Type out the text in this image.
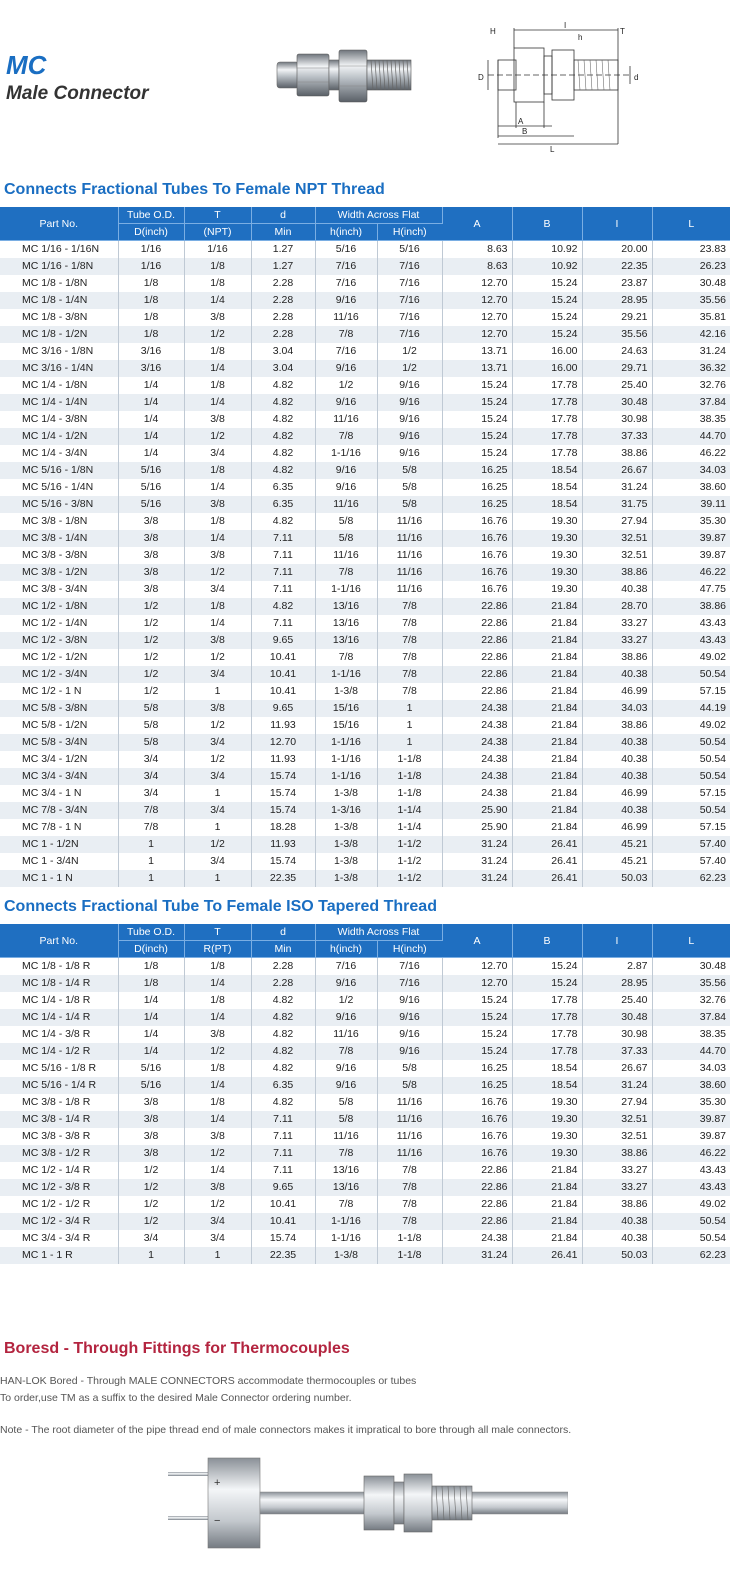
MC
Male Connector
H
I
h
T
D	d
A
B
L
Connects Fractional Tubes To Female NPT Thread
Part No.	Tube O.D.	T	d	Width Across Flat		A	B	I	L
	D(inch)	(NPT)	Min	h(inch)	H(inch)				
MC 1/16 - 1/16N	1/16	1/16	1.27	5/16	5/16	8.63	10.92	20.00	23.83
MC 1/16 - 1/8N	1/16	1/8	1.27	7/16	7/16	8.63	10.92	22.35	26.23
MC 1/8 - 1/8N	1/8	1/8	2.28	7/16	7/16	12.70	15.24	23.87	30.48
MC 1/8 - 1/4N	1/8	1/4	2.28	9/16	7/16	12.70	15.24	28.95	35.56
MC 1/8 - 3/8N	1/8	3/8	2.28	11/16	7/16	12.70	15.24	29.21	35.81
MC 1/8 - 1/2N	1/8	1/2	2.28	7/8	7/16	12.70	15.24	35.56	42.16
MC 3/16 - 1/8N	3/16	1/8	3.04	7/16	1/2	13.71	16.00	24.63	31.24
MC 3/16 - 1/4N	3/16	1/4	3.04	9/16	1/2	13.71	16.00	29.71	36.32
MC 1/4 - 1/8N	1/4	1/8	4.82	1/2	9/16	15.24	17.78	25.40	32.76
MC 1/4 - 1/4N	1/4	1/4	4.82	9/16	9/16	15.24	17.78	30.48	37.84
MC 1/4 - 3/8N	1/4	3/8	4.82	11/16	9/16	15.24	17.78	30.98	38.35
MC 1/4 - 1/2N	1/4	1/2	4.82	7/8	9/16	15.24	17.78	37.33	44.70
MC 1/4 - 3/4N	1/4	3/4	4.82	1-1/16	9/16	15.24	17.78	38.86	46.22
MC 5/16 - 1/8N	5/16	1/8	4.82	9/16	5/8	16.25	18.54	26.67	34.03
MC 5/16 - 1/4N	5/16	1/4	6.35	9/16	5/8	16.25	18.54	31.24	38.60
MC 5/16 - 3/8N	5/16	3/8	6.35	11/16	5/8	16.25	18.54	31.75	39.11
MC 3/8 - 1/8N	3/8	1/8	4.82	5/8	11/16	16.76	19.30	27.94	35.30
MC 3/8 - 1/4N	3/8	1/4	7.11	5/8	11/16	16.76	19.30	32.51	39.87
MC 3/8 - 3/8N	3/8	3/8	7.11	11/16	11/16	16.76	19.30	32.51	39.87
MC 3/8 - 1/2N	3/8	1/2	7.11	7/8	11/16	16.76	19.30	38.86	46.22
MC 3/8 - 3/4N	3/8	3/4	7.11	1-1/16	11/16	16.76	19.30	40.38	47.75
MC 1/2 - 1/8N	1/2	1/8	4.82	13/16	7/8	22.86	21.84	28.70	38.86
MC 1/2 - 1/4N	1/2	1/4	7.11	13/16	7/8	22.86	21.84	33.27	43.43
MC 1/2 - 3/8N	1/2	3/8	9.65	13/16	7/8	22.86	21.84	33.27	43.43
MC 1/2 - 1/2N	1/2	1/2	10.41	7/8	7/8	22.86	21.84	38.86	49.02
MC 1/2 - 3/4N	1/2	3/4	10.41	1-1/16	7/8	22.86	21.84	40.38	50.54
MC 1/2 - 1 N	1/2	1	10.41	1-3/8	7/8	22.86	21.84	46.99	57.15
MC 5/8 - 3/8N	5/8	3/8	9.65	15/16	1	24.38	21.84	34.03	44.19
MC 5/8 - 1/2N	5/8	1/2	11.93	15/16	1	24.38	21.84	38.86	49.02
MC 5/8 - 3/4N	5/8	3/4	12.70	1-1/16	1	24.38	21.84	40.38	50.54
MC 3/4 - 1/2N	3/4	1/2	11.93	1-1/16	1-1/8	24.38	21.84	40.38	50.54
MC 3/4 - 3/4N	3/4	3/4	15.74	1-1/16	1-1/8	24.38	21.84	40.38	50.54
MC 3/4 - 1 N	3/4	1	15.74	1-3/8	1-1/8	24.38	21.84	46.99	57.15
MC 7/8 - 3/4N	7/8	3/4	15.74	1-3/16	1-1/4	25.90	21.84	40.38	50.54
MC 7/8 - 1 N	7/8	1	18.28	1-3/8	1-1/4	25.90	21.84	46.99	57.15
MC 1 - 1/2N	1	1/2	11.93	1-3/8	1-1/2	31.24	26.41	45.21	57.40
MC 1 - 3/4N	1	3/4	15.74	1-3/8	1-1/2	31.24	26.41	45.21	57.40
MC 1 - 1 N	1	1	22.35	1-3/8	1-1/2	31.24	26.41	50.03	62.23
Connects Fractional Tube To Female ISO Tapered Thread
Part No.	Tube O.D.	T	d	Width Across Flat		A	B	I	L
	D(inch)	R(PT)	Min	h(inch)	H(inch)				
MC 1/8 - 1/8 R	1/8	1/8	2.28	7/16	7/16	12.70	15.24	2.87	30.48
MC 1/8 - 1/4 R	1/8	1/4	2.28	9/16	7/16	12.70	15.24	28.95	35.56
MC 1/4 - 1/8 R	1/4	1/8	4.82	1/2	9/16	15.24	17.78	25.40	32.76
MC 1/4 - 1/4 R	1/4	1/4	4.82	9/16	9/16	15.24	17.78	30.48	37.84
MC 1/4 - 3/8 R	1/4	3/8	4.82	11/16	9/16	15.24	17.78	30.98	38.35
MC 1/4 - 1/2 R	1/4	1/2	4.82	7/8	9/16	15.24	17.78	37.33	44.70
MC 5/16 - 1/8 R	5/16	1/8	4.82	9/16	5/8	16.25	18.54	26.67	34.03
MC 5/16 - 1/4 R	5/16	1/4	6.35	9/16	5/8	16.25	18.54	31.24	38.60
MC 3/8 - 1/8 R	3/8	1/8	4.82	5/8	11/16	16.76	19.30	27.94	35.30
MC 3/8 - 1/4 R	3/8	1/4	7.11	5/8	11/16	16.76	19.30	32.51	39.87
MC 3/8 - 3/8 R	3/8	3/8	7.11	11/16	11/16	16.76	19.30	32.51	39.87
MC 3/8 - 1/2 R	3/8	1/2	7.11	7/8	11/16	16.76	19.30	38.86	46.22
MC 1/2 - 1/4 R	1/2	1/4	7.11	13/16	7/8	22.86	21.84	33.27	43.43
MC 1/2 - 3/8 R	1/2	3/8	9.65	13/16	7/8	22.86	21.84	33.27	43.43
MC 1/2 - 1/2 R	1/2	1/2	10.41	7/8	7/8	22.86	21.84	38.86	49.02
MC 1/2 - 3/4 R	1/2	3/4	10.41	1-1/16	7/8	22.86	21.84	40.38	50.54
MC 3/4 - 3/4 R	3/4	3/4	15.74	1-1/16	1-1/8	24.38	21.84	40.38	50.54
MC 1 - 1 R	1	1	22.35	1-3/8	1-1/8	31.24	26.41	50.03	62.23
Boresd - Through Fittings for Thermocouples
HAN-LOK Bored - Through MALE CONNECTORS accommodate thermocouples or tubes
To order,use TM as a suffix to the desired Male Connector ordering number.
Note - The root diameter of the pipe thread end of male connectors makes it impratical to bore through all male connectors.
+
−
